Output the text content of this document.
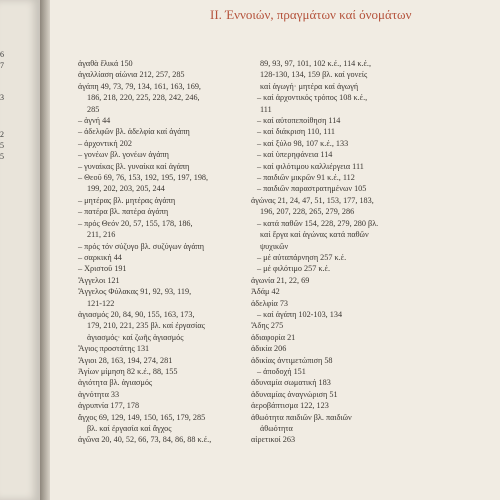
6
7
3
2
5
5
ΙΙ. Έννοιών, πραγμάτων καί όνομάτων
ἀγαθὰ ἔλικά 150
ἀγαλλίαση αἰώνια 212, 257, 285
ἀγάπη 49, 73, 79, 134, 161, 163, 169,
186, 218, 220, 225, 228, 242, 246,
285
– ἁγνή 44
– ἀδελφῶν βλ. ἀδελφία καί ἀγάπη
– ἀρχοντική 202
– γονέων βλ. γονέων ἀγάπη
– γυναίκας βλ. γυναίκα καί ἀγάπη
– Θεοῦ 69, 76, 153, 192, 195, 197, 198,
199, 202, 203, 205, 244
– μητέρας βλ. μητέρας ἀγάπη
– πατέρα βλ. πατέρα ἀγάπη
– πρός Θεόν 20, 57, 155, 178, 186,
211, 216
– πρός τόν σύζυγο βλ. συζύγων ἀγάπη
– σαρκική 44
– Χριστοῦ 191
Ἄγγελοι 121
Ἄγγελος Φύλακας 91, 92, 93, 119,
121-122
ἁγιασμός 20, 84, 90, 155, 163, 173,
179, 210, 221, 235 βλ. καί ἐργασίας
ἁγιασμός· καί ζωῆς ἁγιασμός
Ἅγιος προστάτης 131
Ἅγιοι 28, 163, 194, 274, 281
Ἁγίων μίμηση 82 κ.έ., 88, 155
ἁγιότητα βλ. ἁγιασμός
ἁγνότητα 33
ἀγρυπνία 177, 178
ἄγχος 69, 129, 149, 150, 165, 179, 285
βλ. καί ἐργασία καί ἄγχος
ἀγῶνα 20, 40, 52, 66, 73, 84, 86, 88 κ.έ.,
89, 93, 97, 101, 102 κ.έ., 114 κ.έ.,
128-130, 134, 159 βλ. καί γονείς
καί ἀγωγή· μητέρα καί ἀγωγή
– καί ἀρχοντικός τρόπος 108 κ.έ.,
111
– καί αὐτοπεποίθηση 114
– καί διάκριση 110, 111
– καί ξύλο 98, 107 κ.έ., 133
– καί ὑπερηφάνεια 114
– καί φιλότιμου καλλιέργεια 111
– παιδιῶν μικρῶν 91 κ.έ., 112
– παιδιῶν παραστρατημένων 105
ἀγώνας 21, 24, 47, 51, 153, 177, 183,
196, 207, 228, 265, 279, 286
– κατά παθῶν 154, 228, 279, 280 βλ.
καί ἔργα καί ἀγώνας κατά παθῶν
ψυχικῶν
– μέ αὐταπάρνηση 257 κ.έ.
– μέ φιλότιμο 257 κ.έ.
ἀγωνία 21, 22, 69
Ἀδάμ 42
ἀδελφία 73
– καί ἀγάπη 102-103, 134
Ἅδης 275
ἀδιαφορία 21
ἀδικία 206
ἀδικίας ἀντιμετώπιση 58
– ἀποδοχή 151
ἀδυναμία σωματική 183
ἀδυναμίας ἀναγνώριση 51
ἀεροβάπτισμα 122, 123
ἀθωότητα παιδιῶν βλ. παιδιῶν
ἀθωότητα
αἱρετικοί 263
